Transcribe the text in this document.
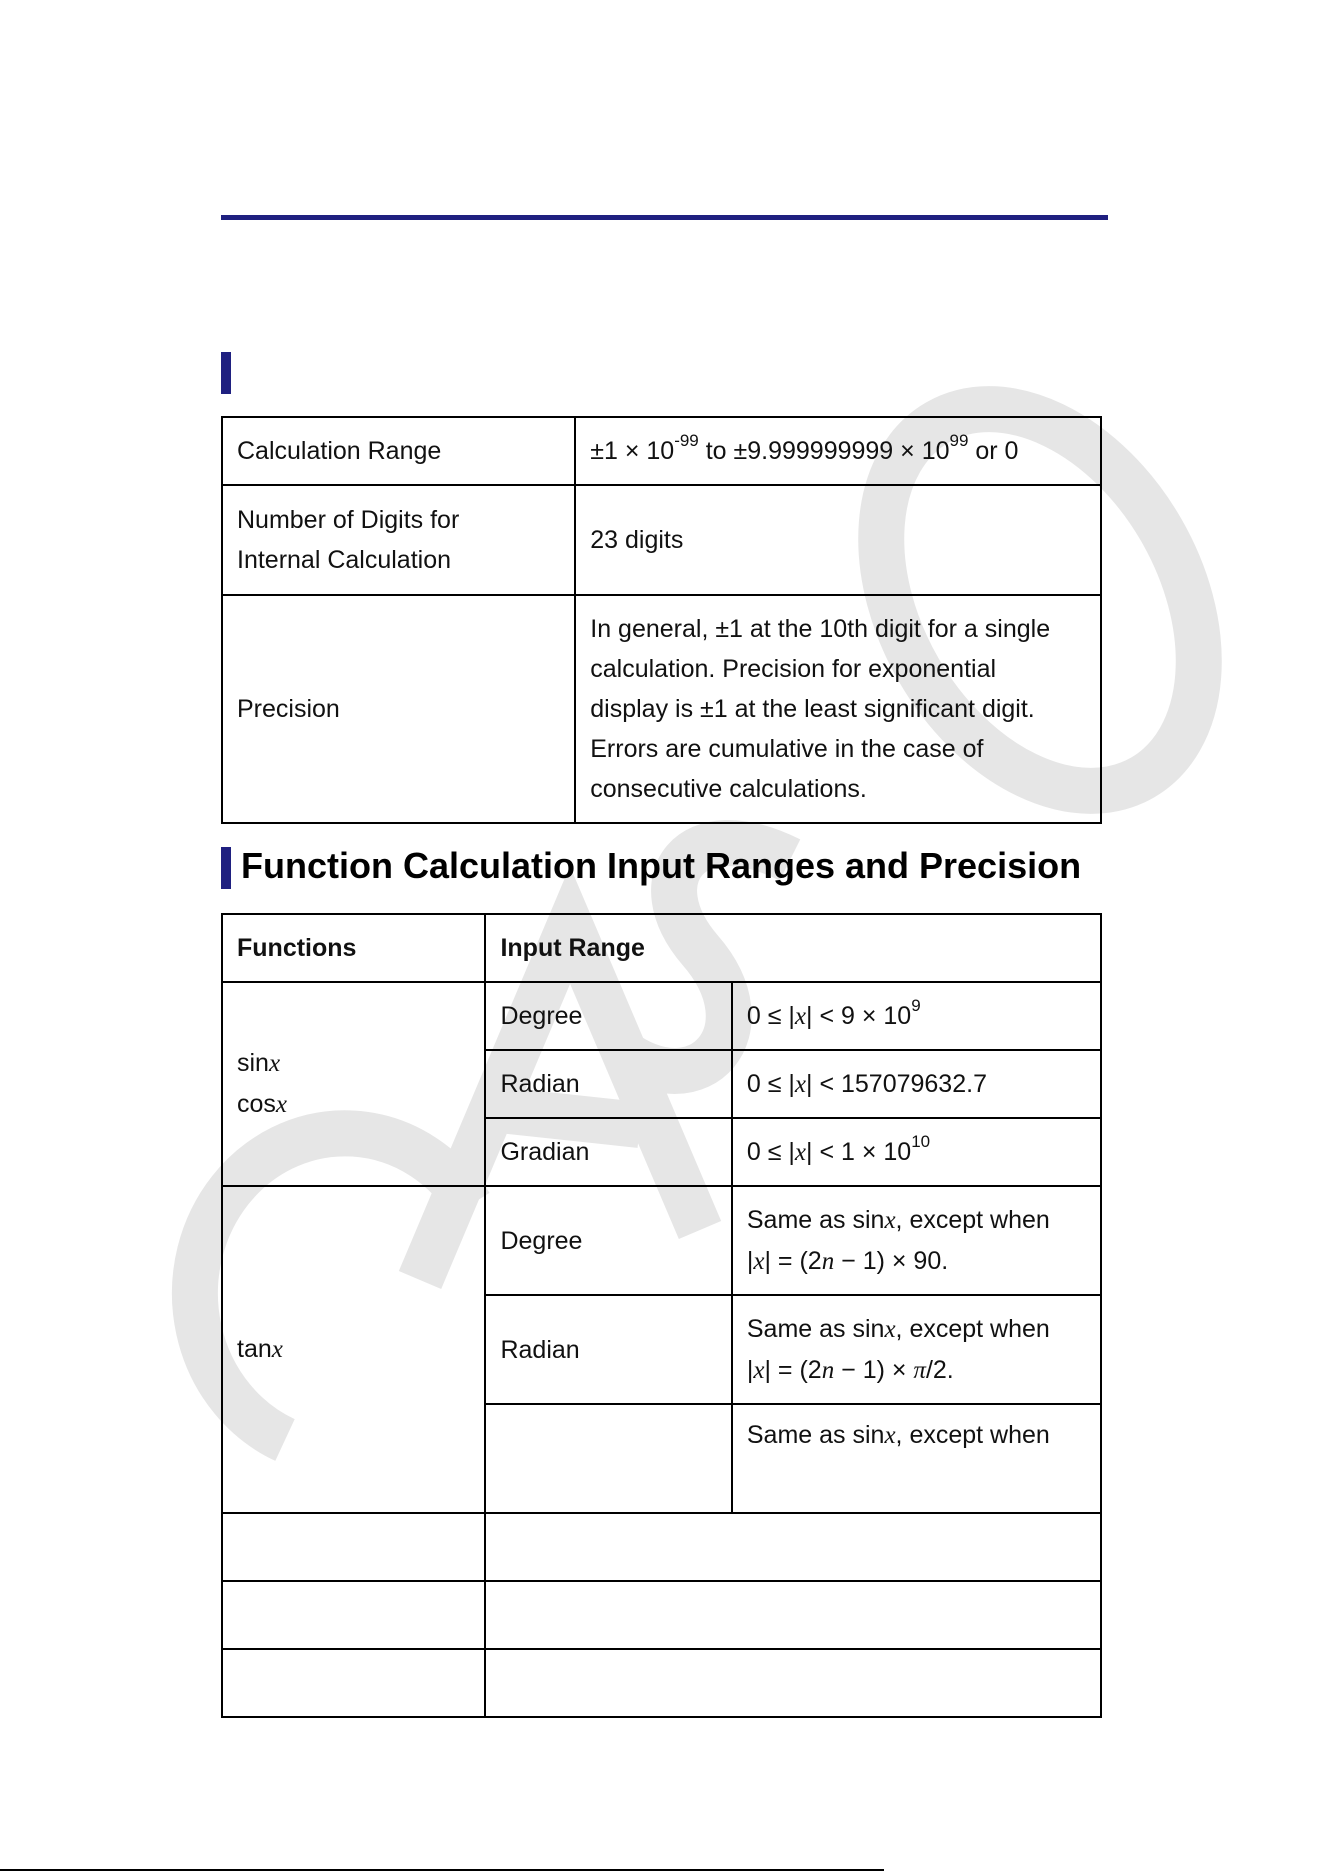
Calculation Range	$\pm 1 \times 10^{-99}$ to $\pm 9.999999999 \times 10^{99}$ or 0

Number of Digits for
Internal Calculation	23 digits
Precision	In general, ±1 at the 10th digit for a single
calculation. Precision for exponential
display is ±1 at the least significant digit.
Errors are cumulative in the case of
consecutive calculations.
Function Calculation Input Ranges and Precision
Functions	Input Range	

sinx
cosx	Degree	$0 \le |x| < 9 \times 10^9$
	Radian	0 ≤ |x| < 157079632.7
	Gradian	$0 \le |x| < 1 \times 10^{10}$
tanx	Degree	Same as sinx, except when
|x| = (2n − 1) × 90.

	Radian	Same as sinx, except when
|x| = (2n − 1) × π/2.

		Same as sinx, except when
